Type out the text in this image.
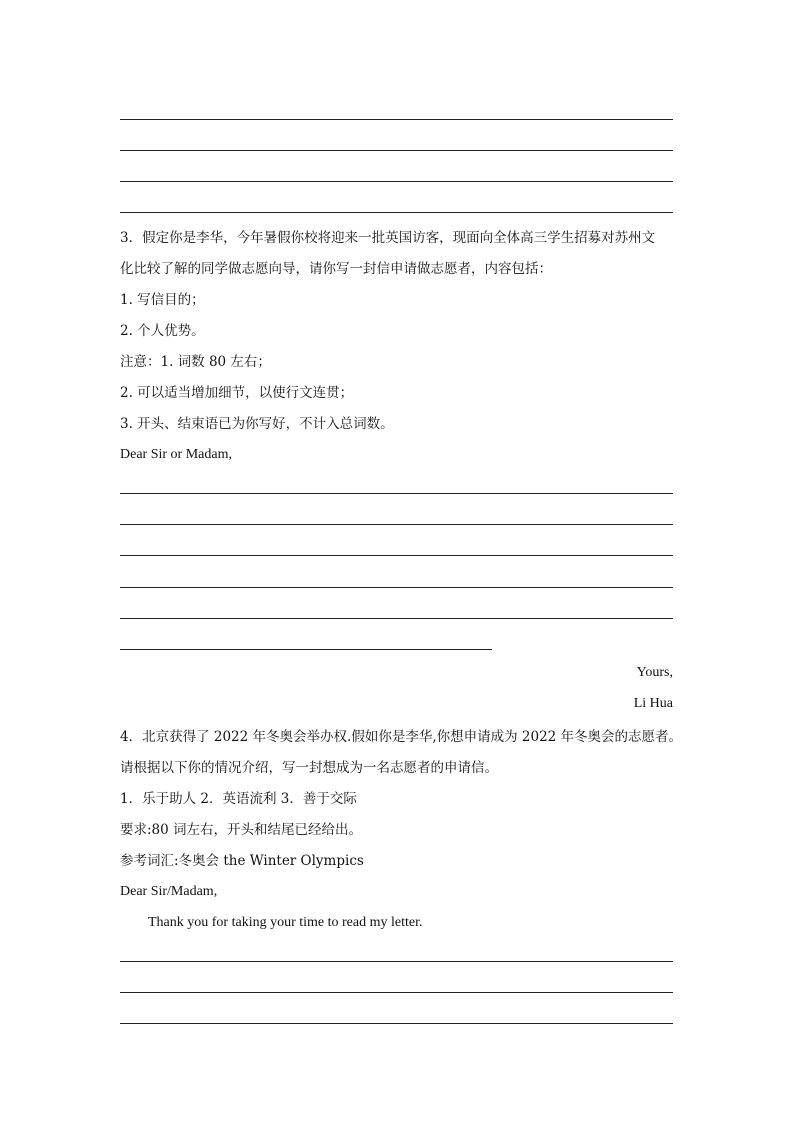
3．假定你是李华，今年暑假你校将迎来一批英国访客，现面向全体高三学生招募对苏州文
化比较了解的同学做志愿向导，请你写一封信申请做志愿者，内容包括：
1. 写信目的；
2. 个人优势。
注意：1. 词数 80 左右；
2. 可以适当增加细节，以使行文连贯；
3. 开头、结束语已为你写好，不计入总词数。
Dear Sir or Madam,
Yours,
Li Hua
4．北京获得了 2022 年冬奥会举办权.假如你是李华,你想申请成为 2022 年冬奥会的志愿者。
请根据以下你的情况介绍，写一封想成为一名志愿者的申请信。
1．乐于助人 2．英语流利 3．善于交际
要求:80 词左右，开头和结尾已经给出。
参考词汇:冬奥会 the Winter Olympics
Dear Sir/Madam,
Thank you for taking your time to read my letter.
